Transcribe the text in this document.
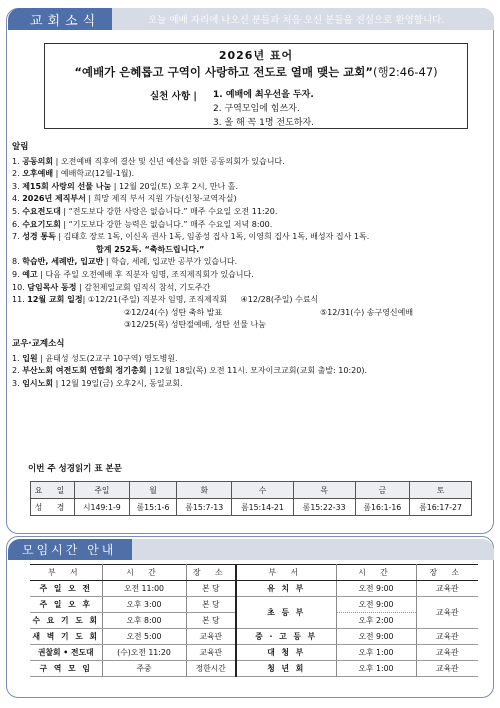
교회소식	오늘 예배 자리에 나오신 분들과 처음 오신 분들을 진심으로 환영합니다.
2026년 표어
“예배가 은혜롭고 구역이 사랑하고 전도로 열매 맺는 교회”(행2:46-47)
실천 사항 | 1. 예배에 최우선을 두자.
2. 구역모임에 힘쓰자.
3. 올 해 꼭 1명 전도하자.
알림
1. 공동의회 | 오전예배 직후에 결산 및 신년 예산을 위한 공동의회가 있습니다.
2. 오후예배 | 예배학교(12월-1월).
3. 제15회 사랑의 선물 나눔 | 12월 20일(토) 오후 2시, 만나 홀.
4. 2026년 제직부서 | 희망 제직 부서 지원 가능(신청-교역자실)
5. 수요전도대 | “전도보다 강한 사랑은 없습니다.” 매주 수요일 오전 11:20.
6. 수요기도회 | “기도보다 강한 능력은 없습니다.” 매주 수요일 저녁 8:00.
7. 성경 통독 | 김태호 장로 1독, 이신옥 권사 1독, 임종성 집사 1독, 이영희 집사 1독, 배성자 집사 1독.
합계 252독. “축하드립니다.”
8. 학습반, 세례반, 입교반 | 학습, 세례, 입교반 공부가 있습니다.
9. 예고 | 다음 주일 오전예배 후 직분자 임명, 조직제직회가 있습니다.
10. 담임목사 동정 | 감천제일교회 임직식 참석, 기도주간
11. 12월 교회 일정| ①12/21(주일) 직분자 임명, 조직제직회 ④12/28(주일) 수료식
②12/24(수) 성탄 축하 발표	⑤12/31(수) 송구영신예배
③12/25(목) 성탄절예배, 성탄 선물 나눔
교우·교계소식
1. 입원 | 윤태성 성도(2교구 10구역) 영도병원.
2. 부산노회 여전도회 연합회 정기총회 | 12월 18일(목) 오전 11시. 모자이크교회(교회 출발: 10:20).
3. 임시노회 | 12월 19일(금) 오후2시, 동일교회.
이번 주 성경읽기 표 본문
요 일	주일	월	화	수	목	금	토
성 경	시149:1-9	롬15:1-6	롬15:7-13	롬15:14-21	롬15:22-33	롬16:1-16	롬16:17-27
모임시간 안내
부 서	시 간	장 소	부 서	시 간	장 소
주 일 오 전	오전 11:00	본 당	유 치 부	오전 9:00	교육관
주 일 오 후	오후 3:00	본 당	초 등 부	오전 9:00	교육관
수 요 기 도 회	오후 8:00	본 당		오후 2:00	
새 벽 기 도 회	오전 5:00	교육관	중 · 고 등 부	오전 9:00	교육관
권찰회 • 전도대	(수)오전 11:20	교육관	대 청 부	오후 1:00	교육관
구 역 모 임	주중	정한시간	청 년 회	오후 1:00	교육관
